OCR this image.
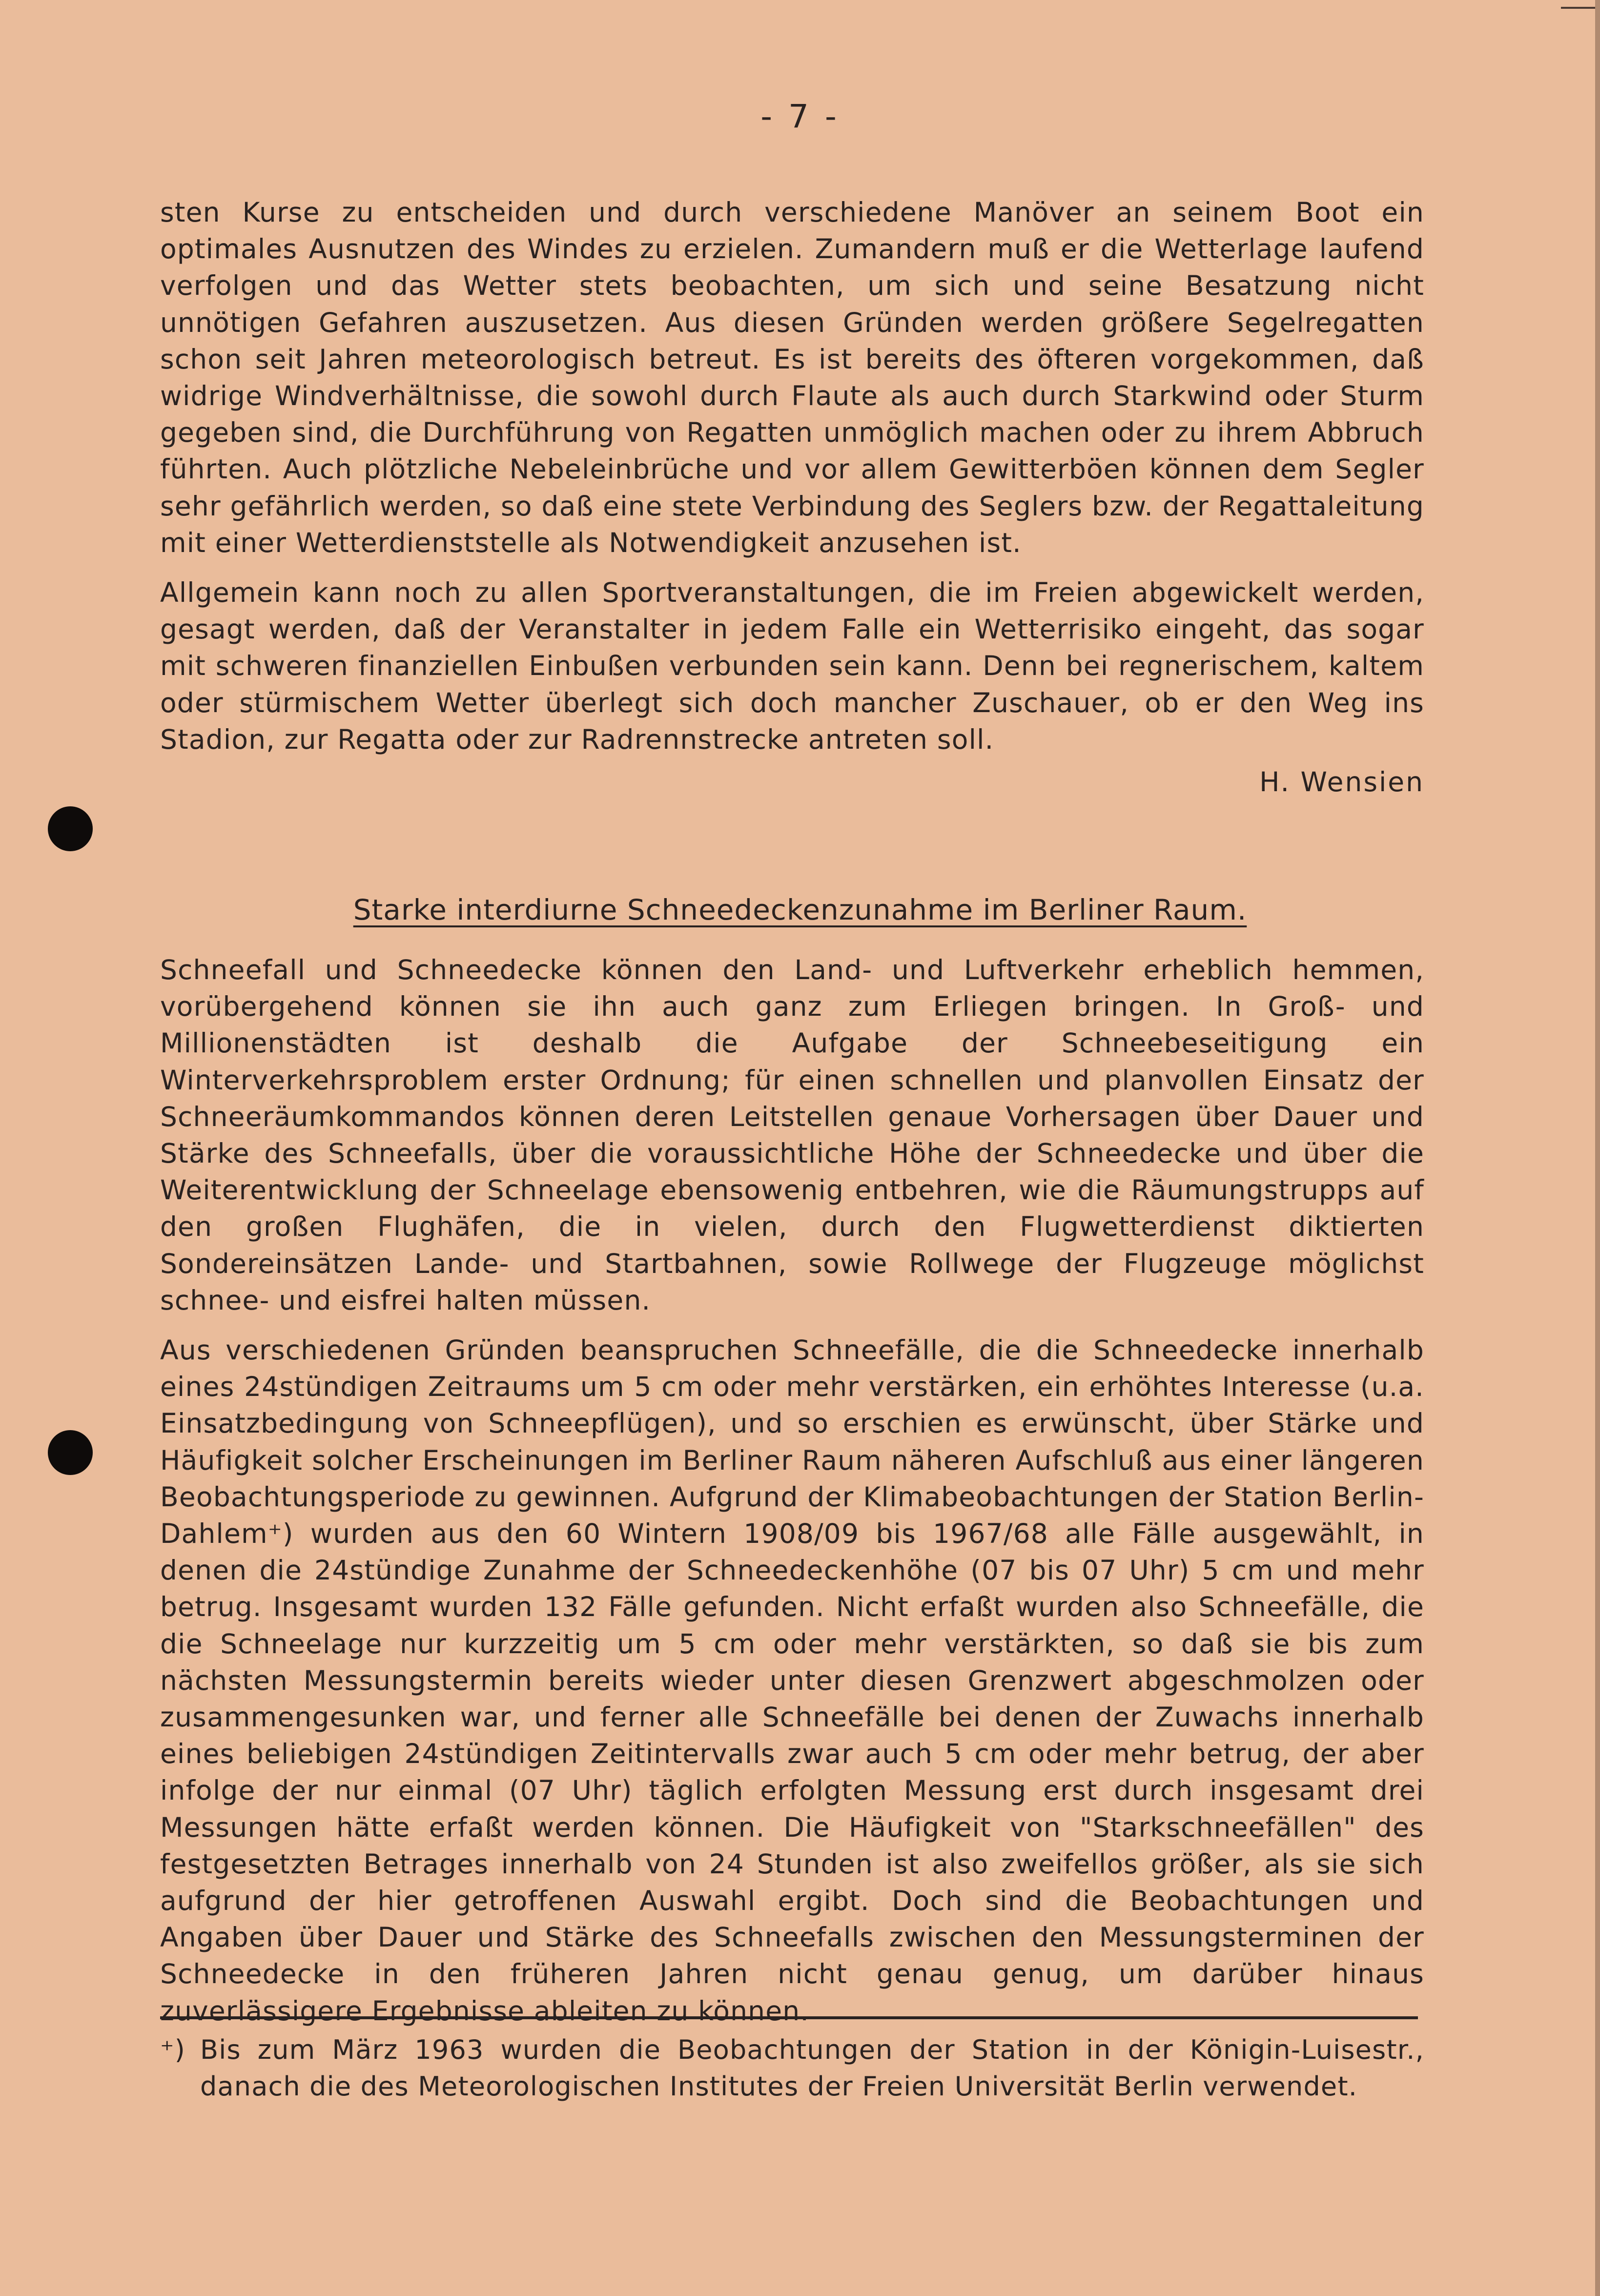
- 7 -

sten Kurse zu entscheiden und durch verschiedene Manöver an seinem Boot ein optimales Ausnutzen des Windes zu erzielen. Zumandern muß er die Wetterlage laufend verfolgen und das Wetter stets beobachten, um sich und seine Besatzung nicht unnötigen Gefahren auszusetzen. Aus diesen Gründen werden größere Segelregatten schon seit Jahren meteorologisch betreut. Es ist bereits des öfteren vorgekommen, daß widrige Windverhältnisse, die sowohl durch Flaute als auch durch Starkwind oder Sturm gegeben sind, die Durchführung von Regatten unmöglich machen oder zu ihrem Abbruch führten. Auch plötzliche Nebeleinbrüche und vor allem Gewitterböen können dem Segler sehr gefährlich werden, so daß eine stete Verbindung des Seglers bzw. der Regattaleitung mit einer Wetterdienststelle als Notwendigkeit anzusehen ist.

Allgemein kann noch zu allen Sportveranstaltungen, die im Freien abgewickelt werden, gesagt werden, daß der Veranstalter in jedem Falle ein Wetterrisiko eingeht, das sogar mit schweren finanziellen Einbußen verbunden sein kann. Denn bei regnerischem, kaltem oder stürmischem Wetter überlegt sich doch mancher Zuschauer, ob er den Weg ins Stadion, zur Regatta oder zur Radrennstrecke antreten soll.

H. Wensien
Starke interdiurne Schneedeckenzunahme im Berliner Raum.

Schneefall und Schneedecke können den Land- und Luftverkehr erheblich hemmen, vorübergehend können sie ihn auch ganz zum Erliegen bringen. In Groß- und Millionenstädten ist deshalb die Aufgabe der Schneebeseitigung ein Winterverkehrsproblem erster Ordnung; für einen schnellen und planvollen Einsatz der Schneeräumkommandos können deren Leitstellen genaue Vorhersagen über Dauer und Stärke des Schneefalls, über die voraussichtliche Höhe der Schneedecke und über die Weiterentwicklung der Schneelage ebensowenig entbehren, wie die Räumungstrupps auf den großen Flughäfen, die in vielen, durch den Flugwetterdienst diktierten Sondereinsätzen Lande- und Startbahnen, sowie Rollwege der Flugzeuge möglichst schnee- und eisfrei halten müssen.

Aus verschiedenen Gründen beanspruchen Schneefälle, die die Schneedecke innerhalb eines 24stündigen Zeitraums um 5 cm oder mehr verstärken, ein erhöhtes Interesse (u.a. Einsatzbedingung von Schneepflügen), und so erschien es erwünscht, über Stärke und Häufigkeit solcher Erscheinungen im Berliner Raum näheren Aufschluß aus einer längeren Beobachtungsperiode zu gewinnen. Aufgrund der Klimabeobachtungen der Station Berlin-Dahlem⁺) wurden aus den 60 Wintern 1908/09 bis 1967/68 alle Fälle ausgewählt, in denen die 24stündige Zunahme der Schneedeckenhöhe (07 bis 07 Uhr) 5 cm und mehr betrug. Insgesamt wurden 132 Fälle gefunden. Nicht erfaßt wurden also Schneefälle, die die Schneelage nur kurzzeitig um 5 cm oder mehr verstärkten, so daß sie bis zum nächsten Messungstermin bereits wieder unter diesen Grenzwert abgeschmolzen oder zusammengesunken war, und ferner alle Schneefälle bei denen der Zuwachs innerhalb eines beliebigen 24stündigen Zeitintervalls zwar auch 5 cm oder mehr betrug, der aber infolge der nur einmal (07 Uhr) täglich erfolgten Messung erst durch insgesamt drei Messungen hätte erfaßt werden können. Die Häufigkeit von "Starkschneefällen" des festgesetzten Betrages innerhalb von 24 Stunden ist also zweifellos größer, als sie sich aufgrund der hier getroffenen Auswahl ergibt. Doch sind die Beobachtungen und Angaben über Dauer und Stärke des Schneefalls zwischen den Messungsterminen der Schneedecke in den früheren Jahren nicht genau genug, um darüber hinaus zuverlässigere Ergebnisse ableiten zu können.

⁺) Bis zum März 1963 wurden die Beobachtungen der Station in der Königin-Luisestr., danach die des Meteorologischen Institutes der Freien Universität Berlin verwendet.
